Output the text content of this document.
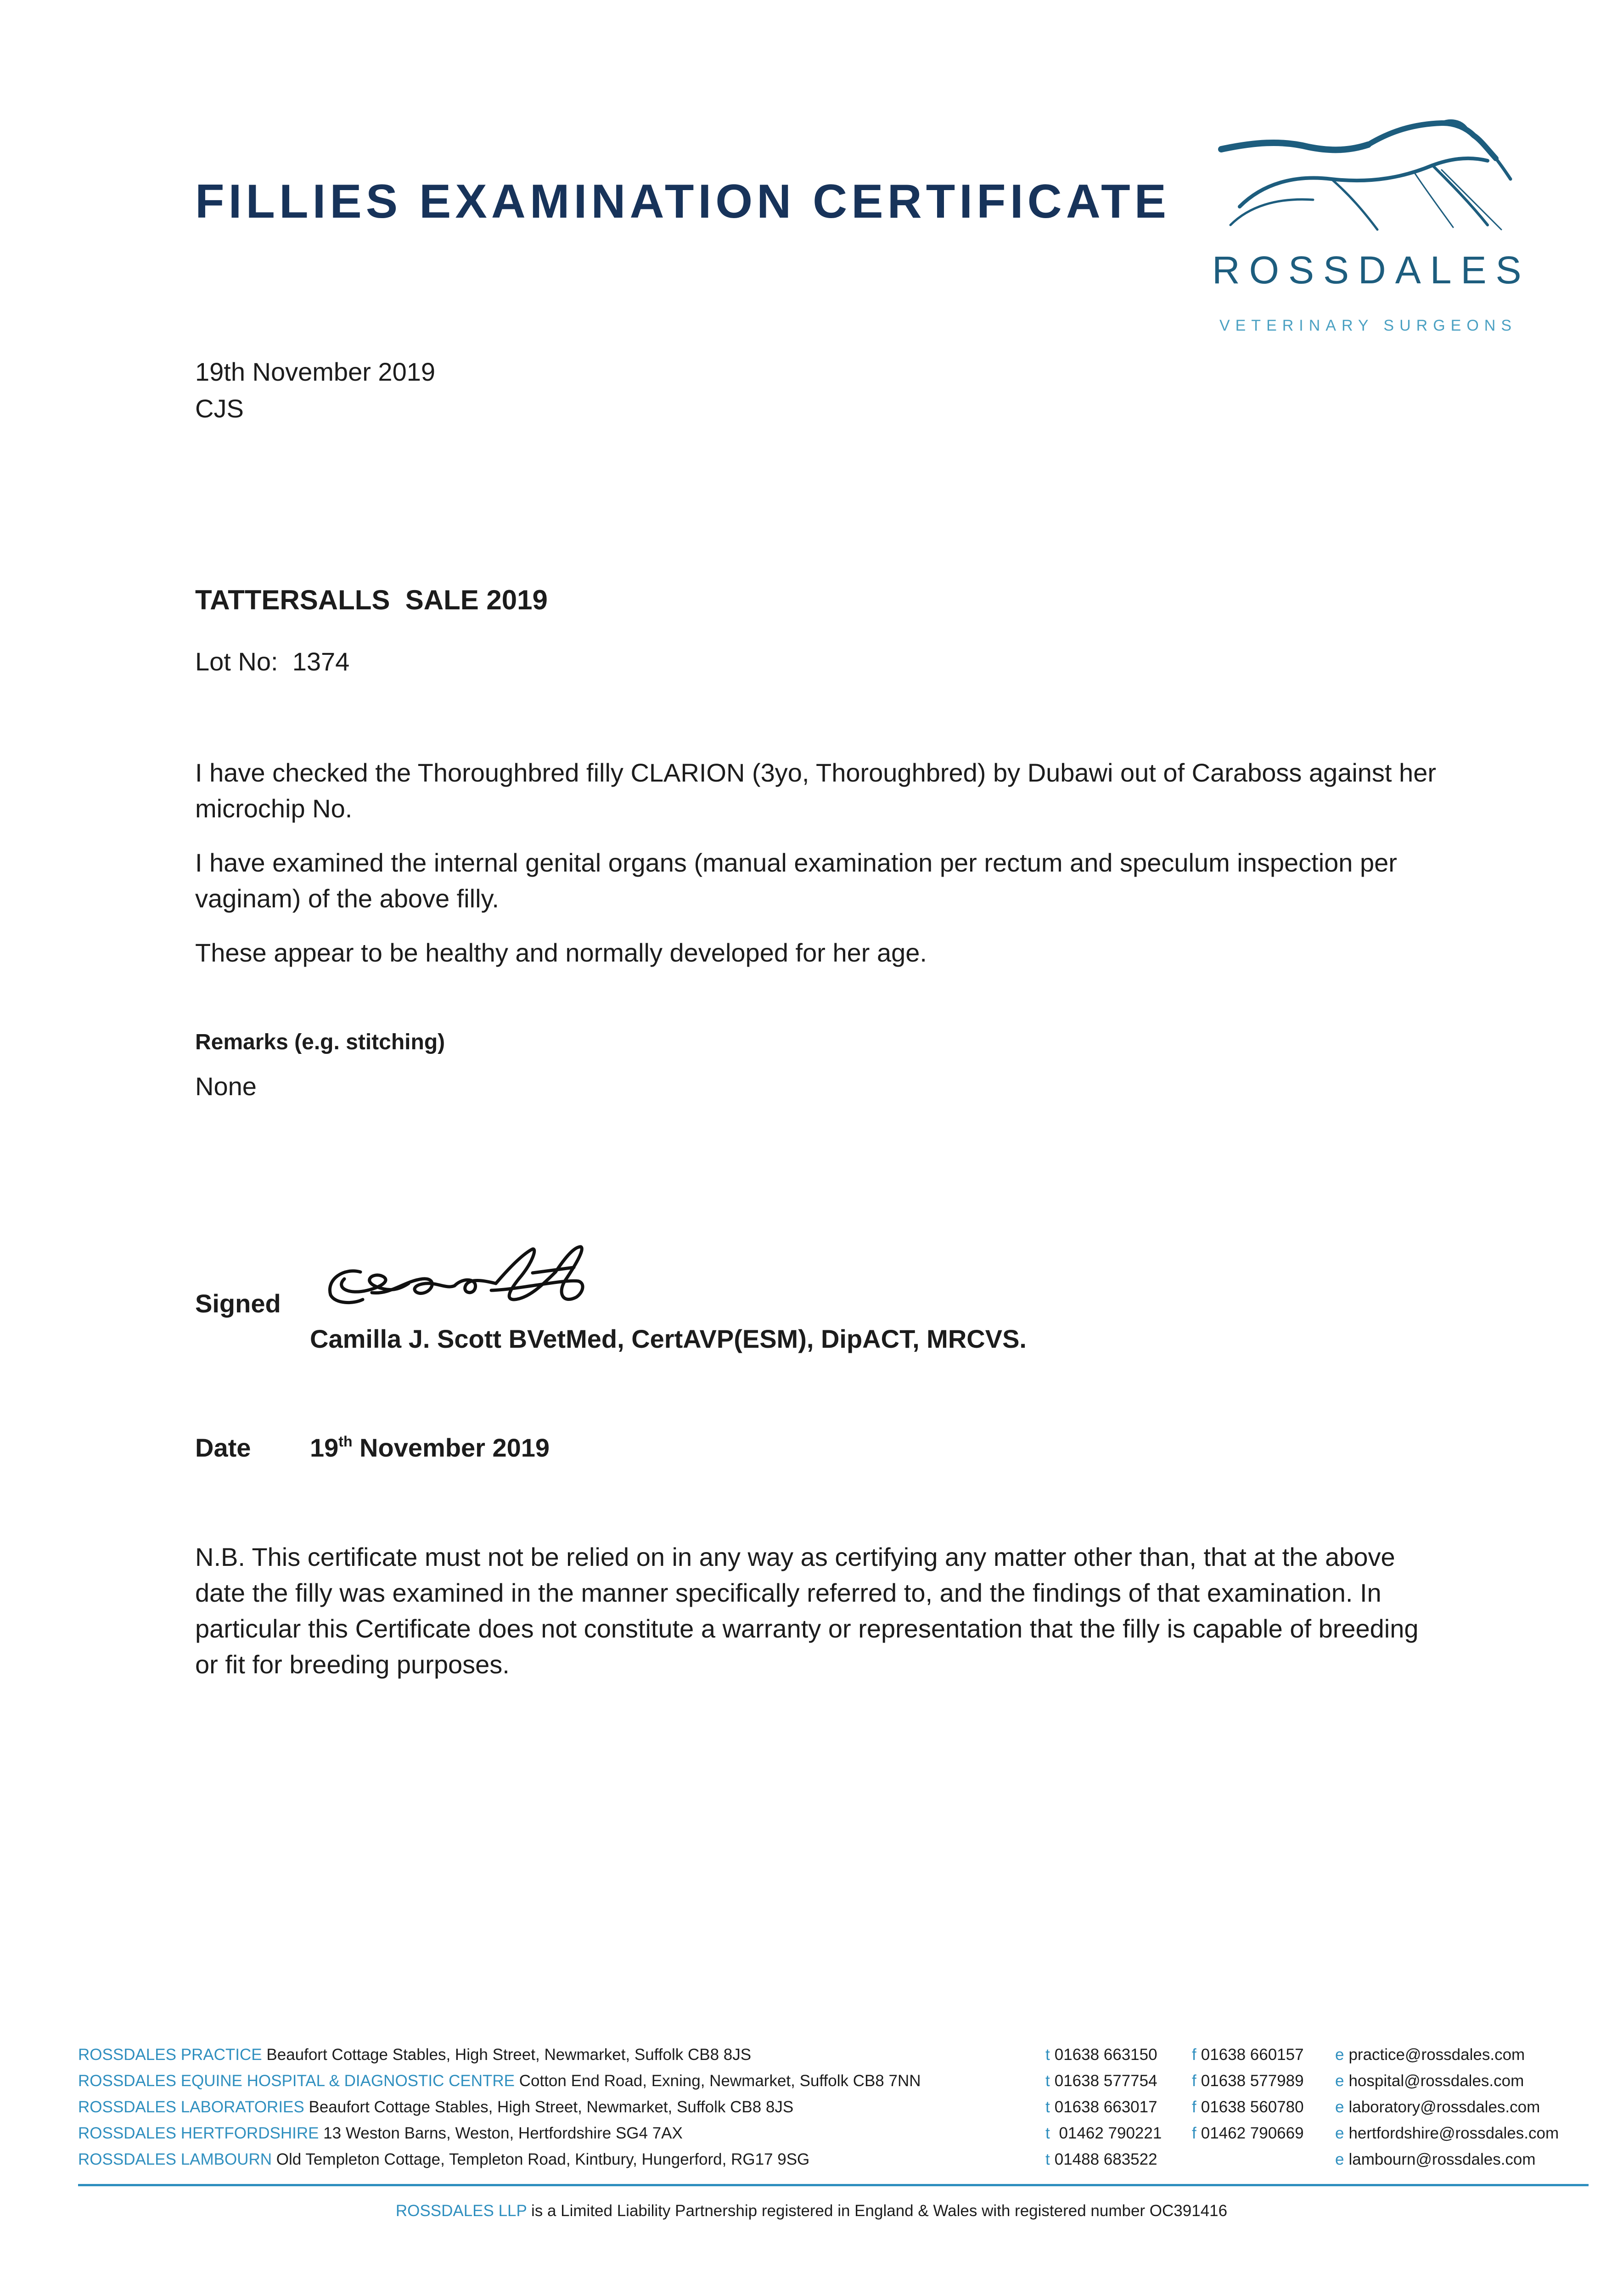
FILLIES EXAMINATION CERTIFICATE
ROSSDALES
VETERINARY SURGEONS
19th November 2019
CJS
TATTERSALLS  SALE 2019
Lot No: 1374
I have checked the Thoroughbred filly CLARION (3yo, Thoroughbred) by Dubawi out of Caraboss against her microchip No.
I have examined the internal genital organs (manual examination per rectum and speculum inspection per vaginam) of the above filly.
These appear to be healthy and normally developed for her age.
Remarks (e.g. stitching)
None
Signed
Camilla J. Scott BVetMed, CertAVP(ESM), DipACT, MRCVS.
Date 19th November 2019
N.B. This certificate must not be relied on in any way as certifying any matter other than, that at the above date the filly was examined in the manner specifically referred to, and the findings of that examination. In particular this Certificate does not constitute a warranty or representation that the filly is capable of breeding or fit for breeding purposes.
ROSSDALES PRACTICE Beaufort Cottage Stables, High Street, Newmarket, Suffolk CB8 8JS	t 01638 663150 f 01638 660157 e practice@rossdales.com
ROSSDALES EQUINE HOSPITAL & DIAGNOSTIC CENTRE Cotton End Road, Exning, Newmarket, Suffolk CB8 7NN	t 01638 577754 f 01638 577989 e hospital@rossdales.com
ROSSDALES LABORATORIES Beaufort Cottage Stables, High Street, Newmarket, Suffolk CB8 8JS	t 01638 663017 f 01638 560780 e laboratory@rossdales.com
ROSSDALES HERTFORDSHIRE 13 Weston Barns, Weston, Hertfordshire SG4 7AX	t 01462 790221 f 01462 790669 e hertfordshire@rossdales.com
ROSSDALES LAMBOURN Old Templeton Cottage, Templeton Road, Kintbury, Hungerford, RG17 9SG	t 01488 683522	e lambourn@rossdales.com
ROSSDALES LLP is a Limited Liability Partnership registered in England & Wales with registered number OC391416
